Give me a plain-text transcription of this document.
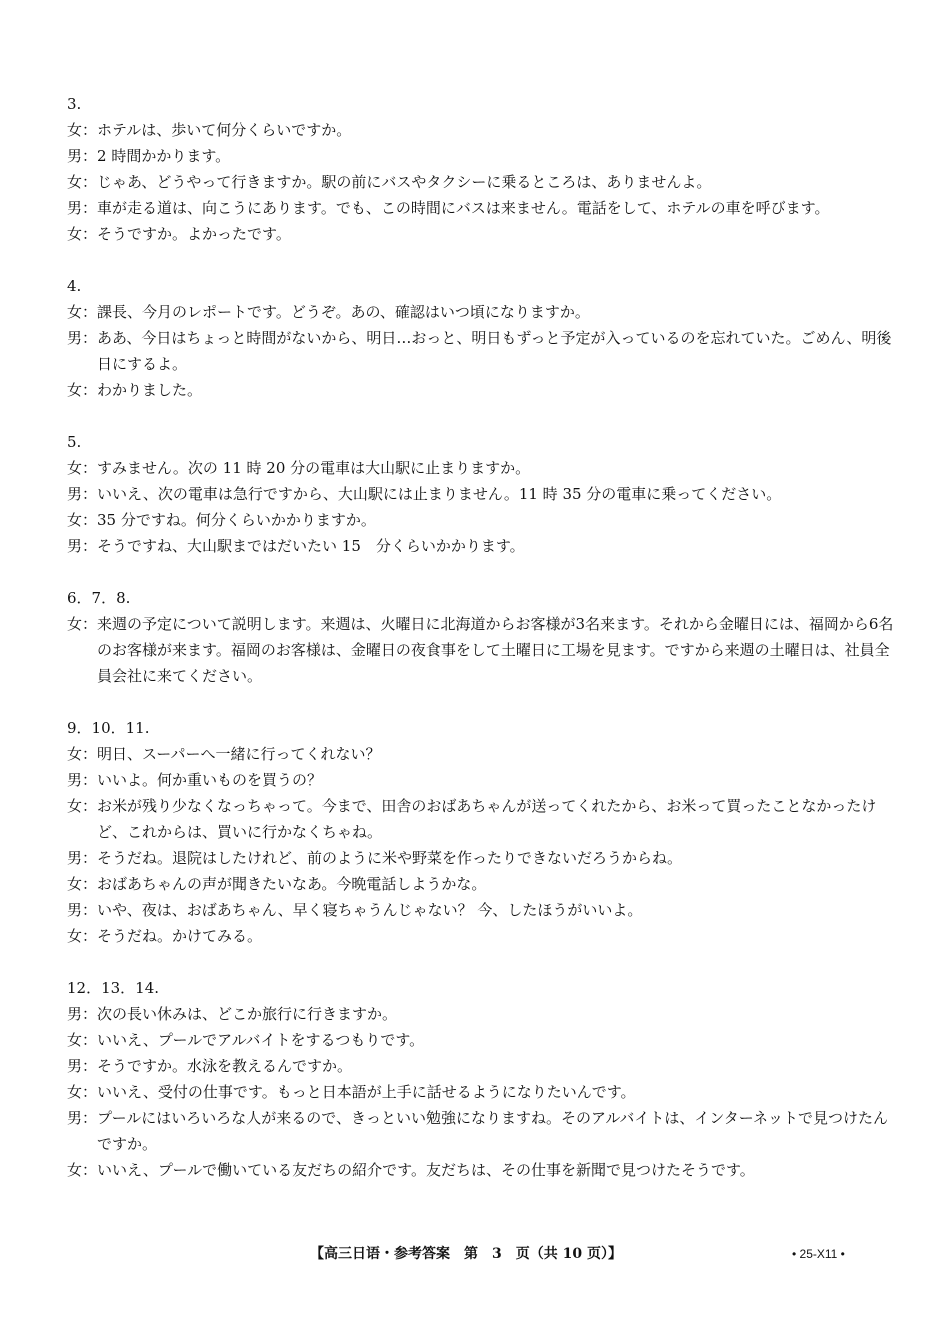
3.
女： ホテルは、歩いて何分くらいですか。
男： 2 時間かかります。
女： じゃあ、どうやって行きますか。駅の前にバスやタクシーに乗るところは、ありませんよ。
男： 車が走る道は、向こうにあります。でも、この時間にバスは来ません。電話をして、ホテルの車を呼びます。
女： そうですか。よかったです。
4.
女： 課長、今月のレポートです。どうぞ。あの、確認はいつ頃になりますか。
男： ああ、今日はちょっと時間がないから、明日…おっと、明日もずっと予定が入っているのを忘れていた。ごめん、明後日にするよ。
女： わかりました。
5.
女： すみません。次の 11 時 20 分の電車は大山駅に止まりますか。
男： いいえ、次の電車は急行ですから、大山駅には止まりません。11 時 35 分の電車に乗ってください。
女： 35 分ですね。何分くらいかかりますか。
男： そうですね、大山駅まではだいたい 15　分くらいかかります。
6．7．8.
女： 来週の予定について説明します。来週は、火曜日に北海道からお客様が3名来ます。それから金曜日には、福岡から6名のお客様が来ます。福岡のお客様は、金曜日の夜食事をして土曜日に工場を見ます。ですから来週の土曜日は、社員全員会社に来てください。
9．10．11.
女： 明日、スーパーへ一緒に行ってくれない？
男： いいよ。何か重いものを買うの？
女： お米が残り少なくなっちゃって。今まで、田舎のおばあちゃんが送ってくれたから、お米って買ったことなかったけど、これからは、買いに行かなくちゃね。
男： そうだね。退院はしたけれど、前のように米や野菜を作ったりできないだろうからね。
女： おばあちゃんの声が聞きたいなあ。今晩電話しようかな。
男： いや、夜は、おばあちゃん、早く寝ちゃうんじゃない？ 今、したほうがいいよ。
女： そうだね。かけてみる。
12．13．14.
男： 次の長い休みは、どこか旅行に行きますか。
女： いいえ、プールでアルバイトをするつもりです。
男： そうですか。水泳を教えるんですか。
女： いいえ、受付の仕事です。もっと日本語が上手に話せるようになりたいんです。
男： プールにはいろいろな人が来るので、きっといい勉強になりますね。そのアルバイトは、インターネットで見つけたんですか。
女： いいえ、プールで働いている友だちの紹介です。友だちは、その仕事を新聞で見つけたそうです。
【高三日语・参考答案　第　3　页（共 10 页）】	• 25-X11 •
